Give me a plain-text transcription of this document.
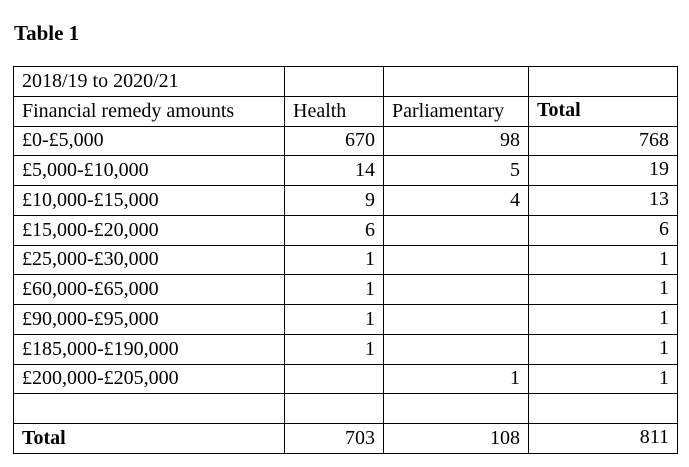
Table 1
2018/19 to 2020/21			
Financial remedy amounts	Health	Parliamentary	Total
£0-£5,000	670	98	768
£5,000-£10,000	14	5	19
£10,000-£15,000	9	4	13
£15,000-£20,000	6		6
£25,000-£30,000	1		1
£60,000-£65,000	1		1
£90,000-£95,000	1		1
£185,000-£190,000	1		1
£200,000-£205,000		1	1

Total	703	108	811
